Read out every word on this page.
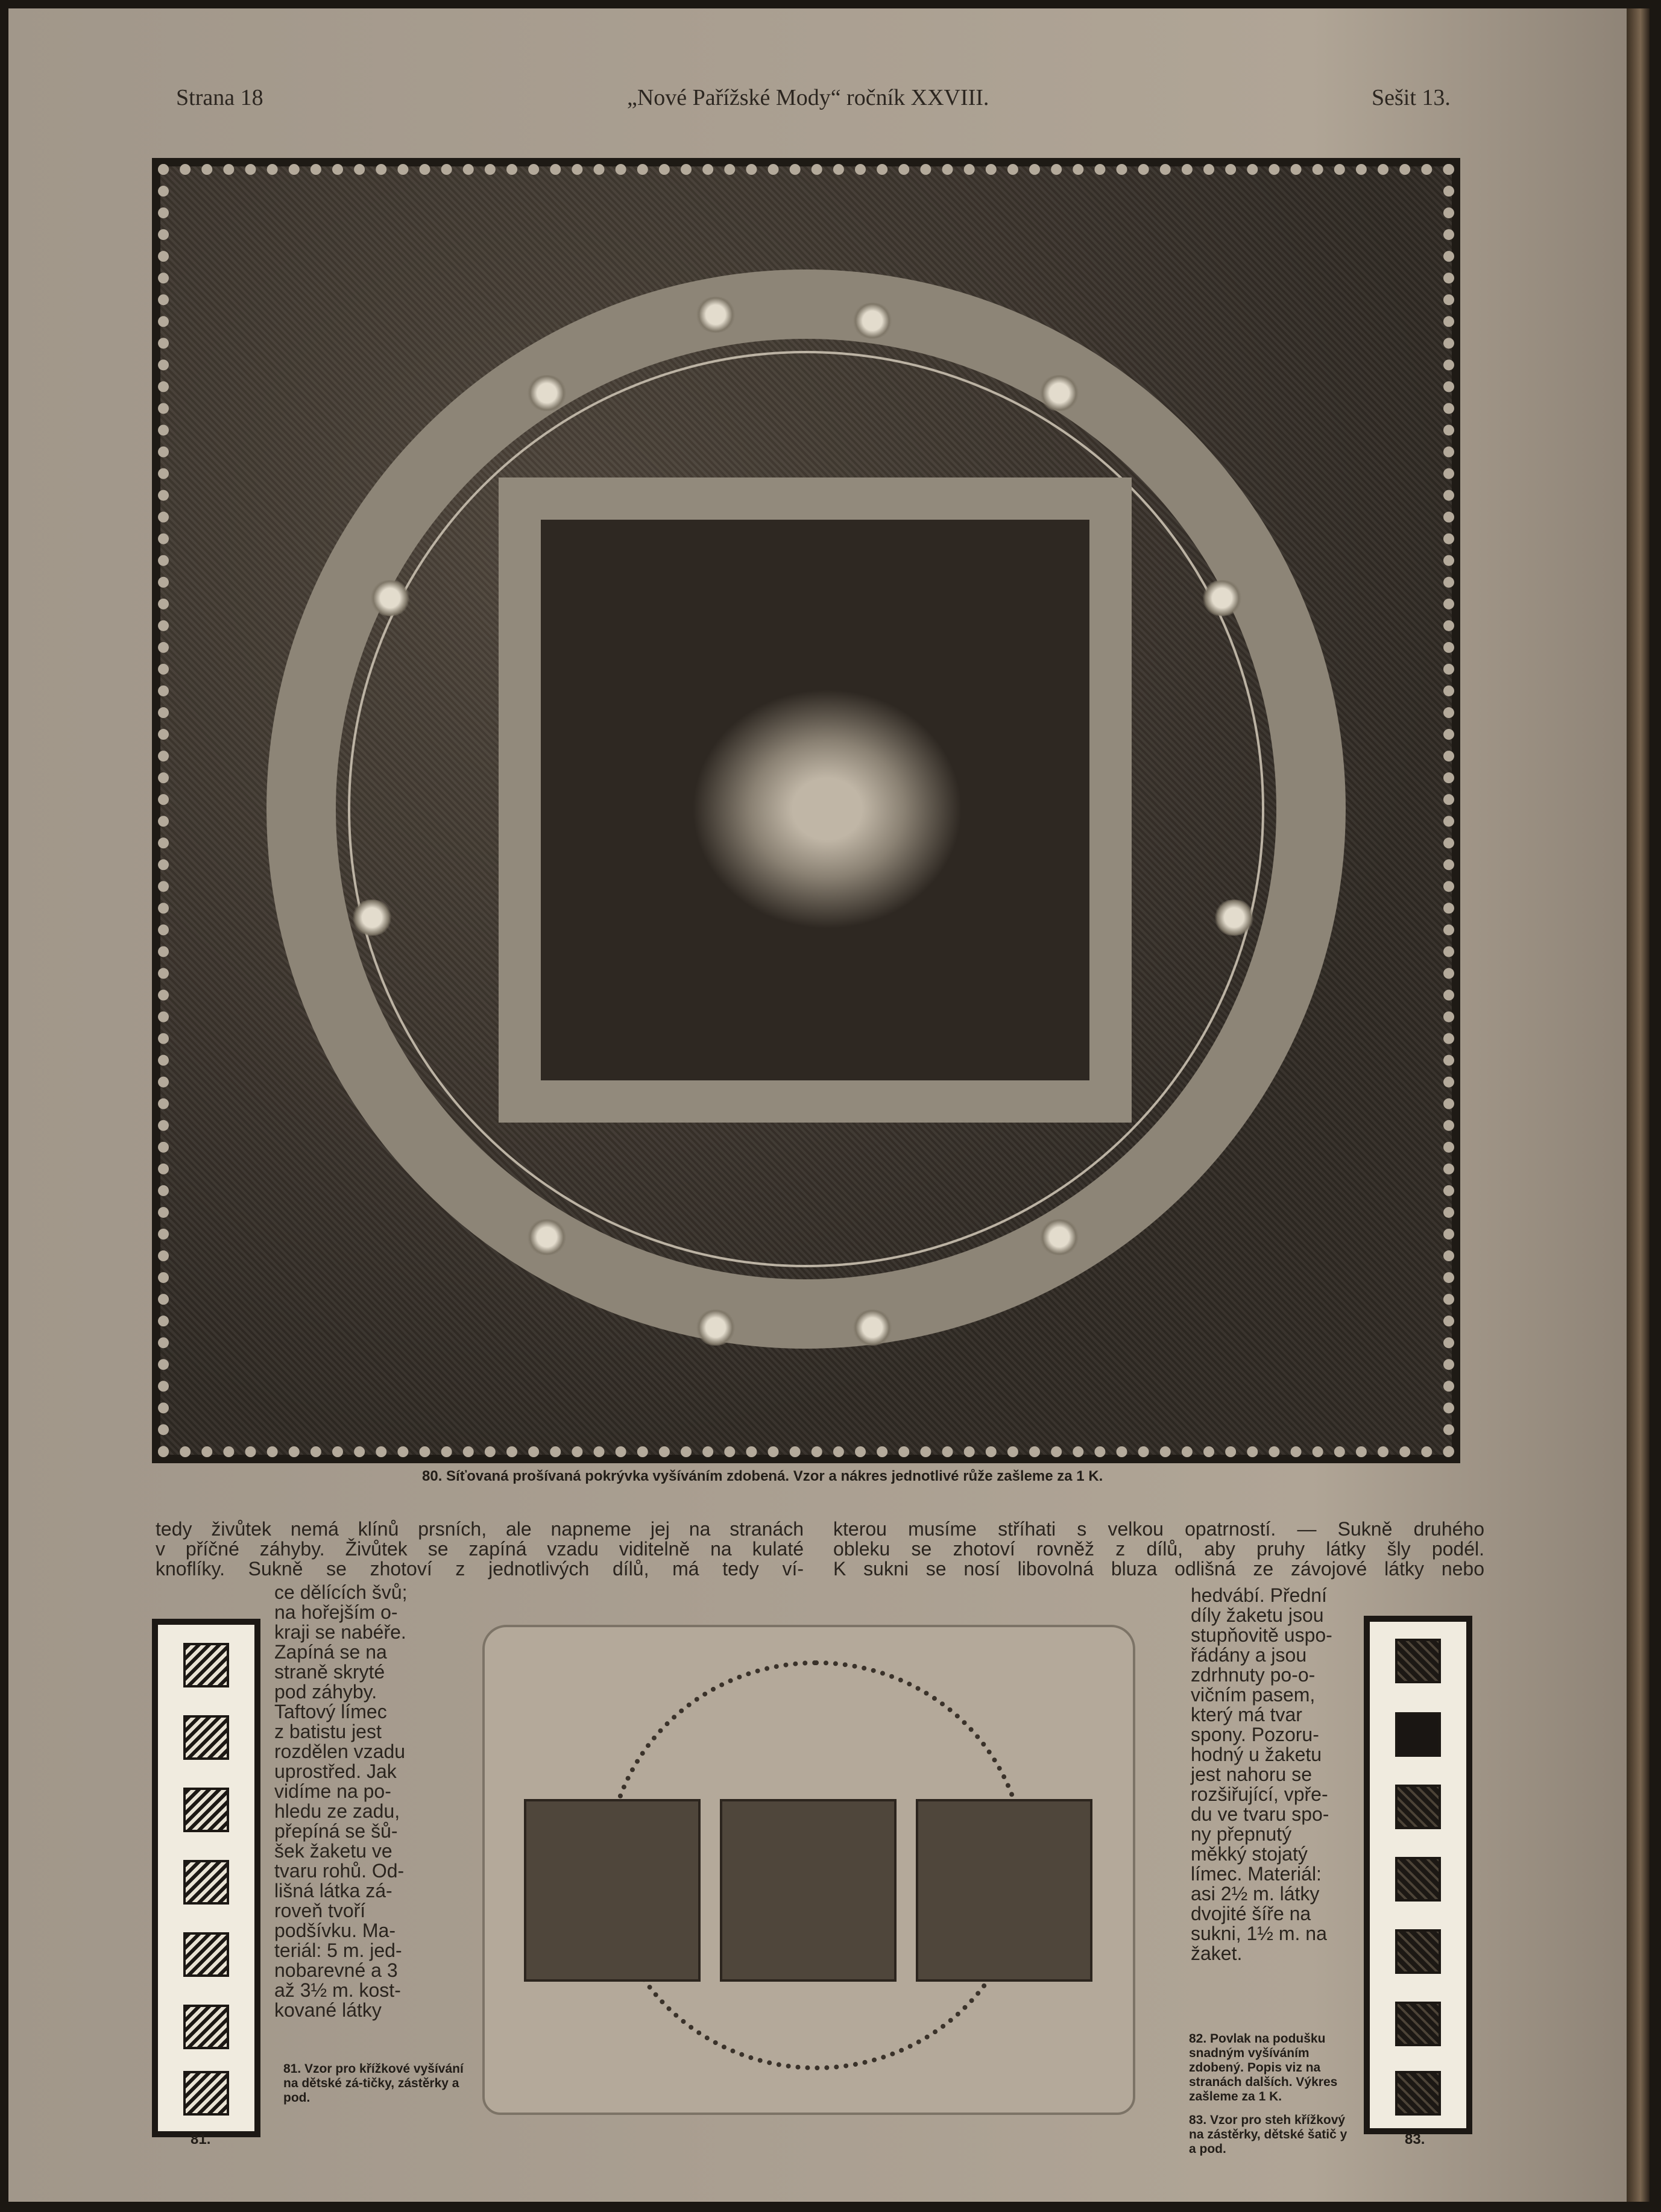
Strana 18	„Nové Pařížské Mody“ ročník XXVIII.	Sešit 13.
80. Síťovaná prošívaná pokrývka vyšíváním zdobená. Vzor a nákres jednotlivé růže zašleme za 1 K.

tedy živůtek nemá klínů prsních, ale napneme jej na stranách

v příčné záhyby. Živůtek se zapíná vzadu viditelně na kulaté

knoflíky. Sukně se zhotoví z jednotlivých dílů, má tedy ví-

kterou musíme stříhati s velkou opatrností. — Sukně druhého

obleku se zhotoví rovněž z dílů, aby pruhy látky šly podél.

K sukni se nosí libovolná bluza odlišná ze závojové látky nebo

81.

ce dělících švů;

na hořejším o-

kraji se nabéře.

Zapíná se na

straně skryté

pod záhyby.

Taftový límec

z batistu jest

rozdělen vzadu

uprostřed. Jak

vidíme na po-

hledu ze zadu,

přepíná se šů-

šek žaketu ve

tvaru rohů. Od-

lišná látka zá-

roveň tvoří

podšívku. Ma-

teriál: 5 m. jed-

nobarevné a 3

až 3½ m. kost-

kované látky

81. Vzor pro křížkové vyšívání na dětské zá-tičky, zástěrky a pod.

hedvábí. Přední

díly žaketu jsou

stupňovitě uspo-

řádány a jsou

zdrhnuty po-o-

vičním pasem,

který má tvar

spony. Pozoru-

hodný u žaketu

jest nahoru se

rozšiřující, vpře-

du ve tvaru spo-

ny přepnutý

měkký stojatý

límec. Materiál:

asi 2½ m. látky

dvojité šíře na

sukni, 1½ m. na

žaket.

82. Povlak na podušku snadným vyšíváním zdobený. Popis viz na stranách dalších. Výkres zašleme za 1 K.
83. Vzor pro steh křížkový na zástěrky, dětské šatič y a pod.
83.
